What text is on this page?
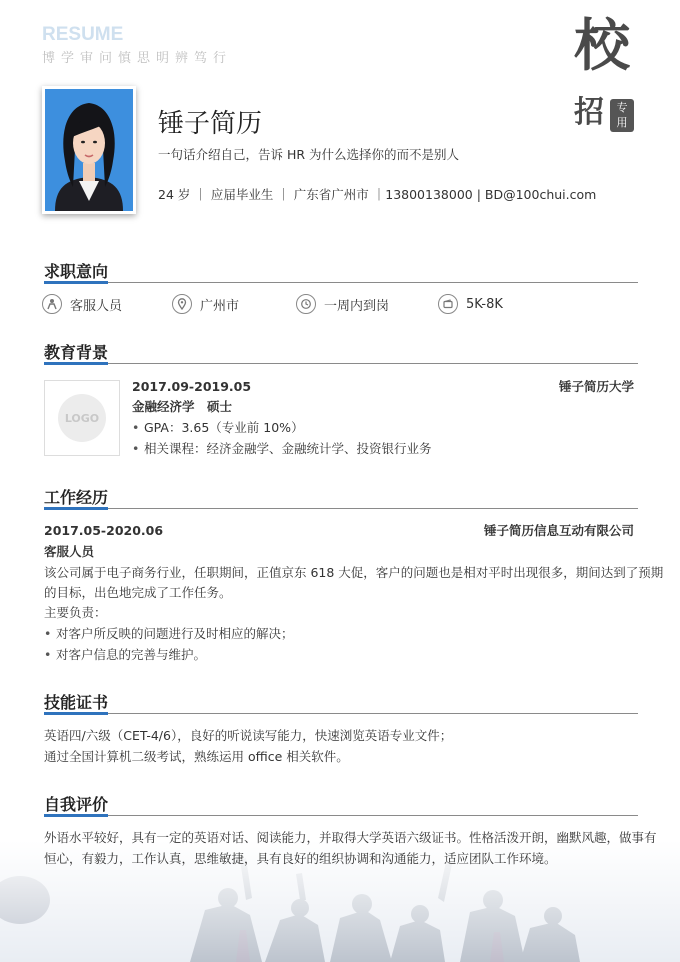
RESUME
博学审问慎思明辨笃行	校
招 专用
锤子简历
一句话介绍自己，告诉 HR 为什么选择你的而不是别人
24 岁 ｜ 应届毕业生 ｜ 广东省广州市 ｜13800138000 | BD@100chui.com
求职意向
客服人员	广州市	一周内到岗	5K-8K
教育背景
LOGO
2017.09-2019.05	锤子简历大学
金融经济学　硕士
• GPA：3.65（专业前 10%）
• 相关课程：经济金融学、金融统计学、投资银行业务
工作经历
2017.05-2020.06	锤子简历信息互动有限公司
客服人员
该公司属于电子商务行业，任职期间，正值京东 618 大促，客户的问题也是相对平时出现很多，期间达到了预期
的目标，出色地完成了工作任务。
主要负责：
• 对客户所反映的问题进行及时相应的解决；
• 对客户信息的完善与维护。
技能证书
英语四/六级（CET-4/6），良好的听说读写能力，快速浏览英语专业文件；
通过全国计算机二级考试，熟练运用 office 相关软件。
自我评价
外语水平较好，具有一定的英语对话、阅读能力，并取得大学英语六级证书。性格活泼开朗，幽默风趣，做事有
恒心，有毅力，工作认真，思维敏捷，具有良好的组织协调和沟通能力，适应团队工作环境。
